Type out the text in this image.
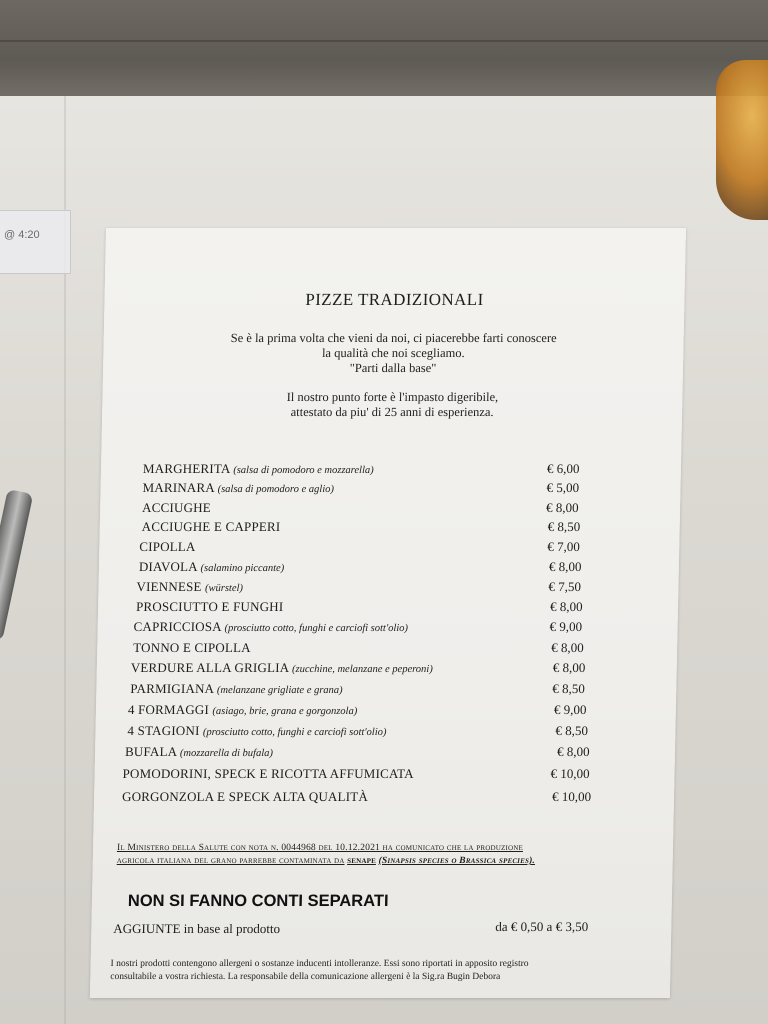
@ 4:20
PIZZE TRADIZIONALI
Se è la prima volta che vieni da noi, ci piacerebbe farti conoscere
la qualità che noi scegliamo.
"Parti dalla base"
Il nostro punto forte è l'impasto digeribile,
attestato da piu' di 25 anni di esperienza.
MARGHERITA (salsa di pomodoro e mozzarella)	€ 6,00
MARINARA (salsa di pomodoro e aglio)	€ 5,00
ACCIUGHE	€ 8,00
ACCIUGHE E CAPPERI	€ 8,50
CIPOLLA	€ 7,00
DIAVOLA (salamino piccante)	€ 8,00
VIENNESE (würstel)	€ 7,50
PROSCIUTTO E FUNGHI	€ 8,00
CAPRICCIOSA (prosciutto cotto, funghi e carciofi sott'olio)	€ 9,00
TONNO E CIPOLLA	€ 8,00
VERDURE ALLA GRIGLIA (zucchine, melanzane e peperoni)	€ 8,00
PARMIGIANA (melanzane grigliate e grana)	€ 8,50
4 FORMAGGI (asiago, brie, grana e gorgonzola)	€ 9,00
4 STAGIONI (prosciutto cotto, funghi e carciofi sott'olio)	€ 8,50
BUFALA (mozzarella di bufala)	€ 8,00
POMODORINI, SPECK E RICOTTA AFFUMICATA	€ 10,00
GORGONZOLA E SPECK ALTA QUALITÀ	€ 10,00
Il Ministero della Salute con nota n. 0044968 del 10.12.2021 ha comunicato che la produzione
agricola italiana del grano parrebbe contaminata da senape (Sinapsis species o Brassica species).
NON SI FANNO CONTI SEPARATI
AGGIUNTE in base al prodotto	da € 0,50 a € 3,50
I nostri prodotti contengono allergeni o sostanze inducenti intolleranze. Essi sono riportati in apposito registro
consultabile a vostra richiesta. La responsabile della comunicazione allergeni è la Sig.ra Bugin Debora
